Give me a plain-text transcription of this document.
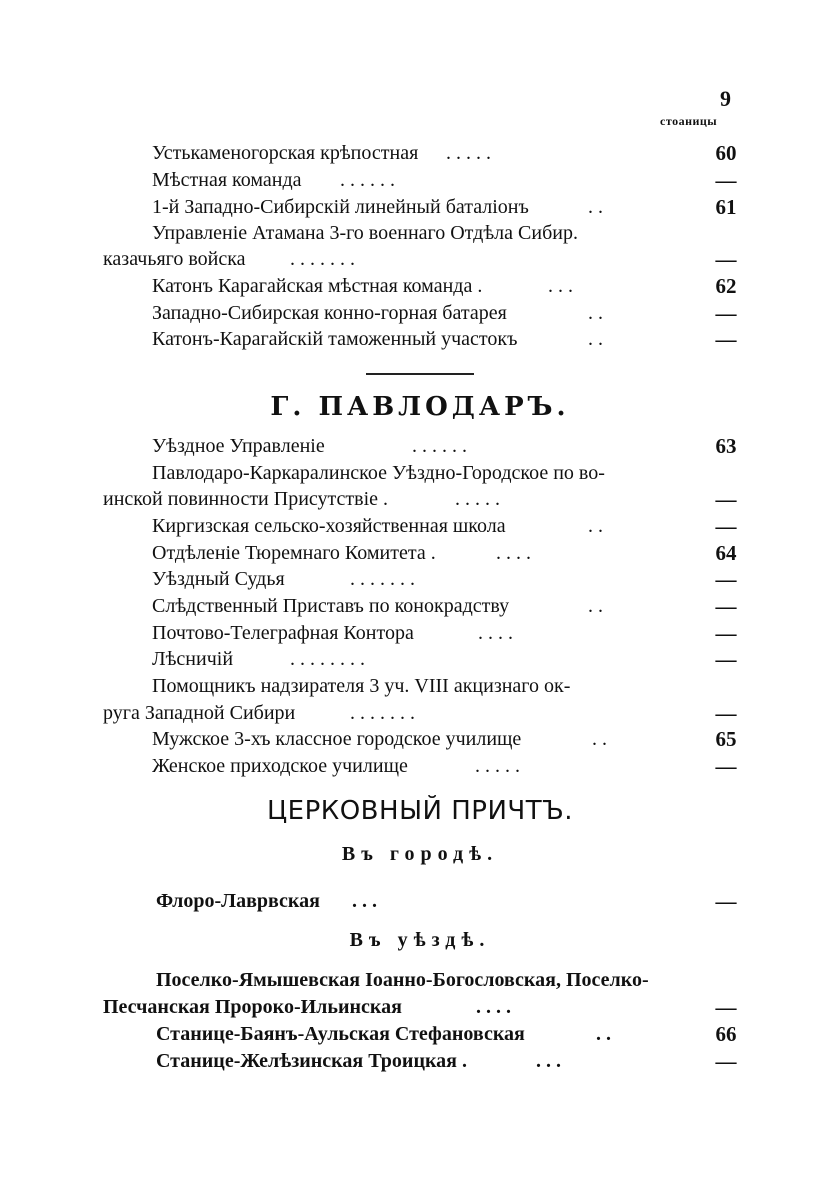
9
стоаницы
Устькаменогорская крѣпостная . . . . .	60
Мѣстная команда . . . . . .	—
1-й Западно-Сибирскій линейный баталіонъ	. .	61
Управленіе Атамана 3-го военнаго Отдѣла Сибир.
казачьяго войска . . . . . . .	—
Катонъ Карагайская мѣстная команда .	. . .	62
Западно-Сибирская конно-горная батарея	. .	—
Катонъ-Карагайскій таможенный участокъ	. .	—
Г. ПАВЛОДАРЪ.
Уѣздное Управленіе	. . . . . .	63
Павлодаро-Каркаралинское Уѣздно-Городское по во-
инской повинности Присутствіе .	. . . . .	—
Киргизская сельско-хозяйственная школа	. .	—
Отдѣленіе Тюремнаго Комитета .	. . . .	64
Уѣздный Судья	. . . . . . .	—
Слѣдственный Приставъ по конокрадству	. .	—
Почтово-Телеграфная Контора	. . . .	—
Лѣсничій	. . . . . . . .	—
Помощникъ надзирателя 3 уч. VIII акцизнаго ок-
руга Западной Сибири	. . . . . . .	—
Мужское 3-хъ классное городское училище	. .	65
Женское приходское училище	. . . . .	—
ЦЕРКОВНЫЙ ПРИЧТЪ.
Въ городѣ.
Флоро-Лаврвская . . .	—
Въ уѣздѣ.
Поселко-Ямышевская Іоанно-Богословская, Поселко-
Песчанская Пророко-Ильинская	. . . .	—
Станице-Баянъ-Аульская Стефановская	. .	66
Станице-Желѣзинская Троицкая .	. . .	—
